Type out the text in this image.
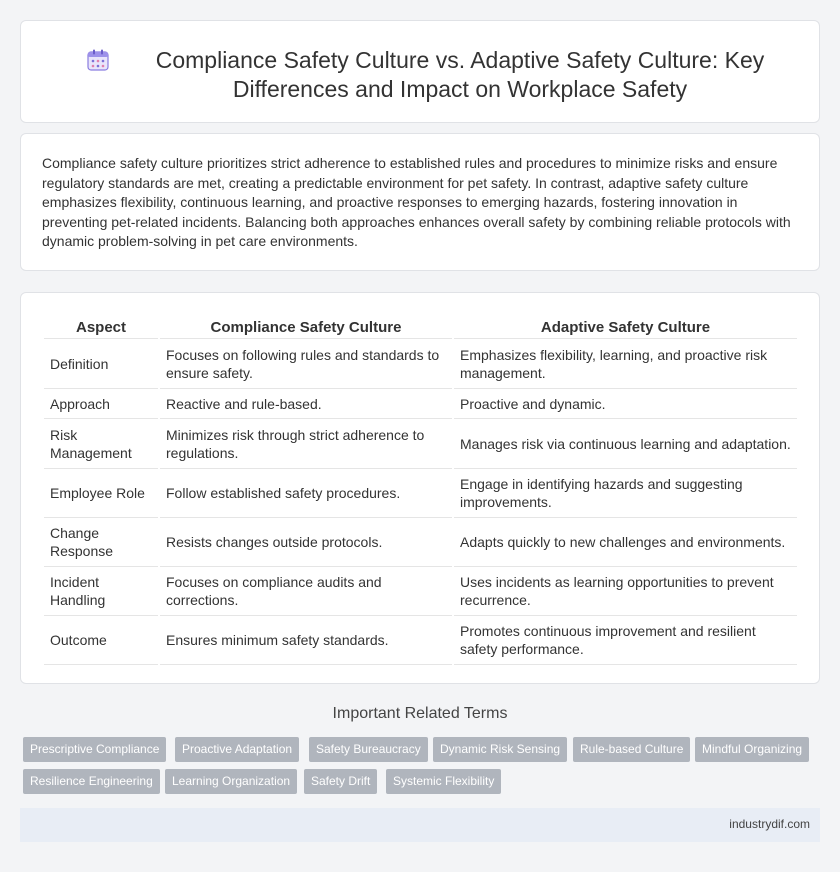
Compliance Safety Culture vs. Adaptive Safety Culture: Key Differences and Impact on Workplace Safety

Compliance safety culture prioritizes strict adherence to established rules and procedures to minimize risks and ensure regulatory standards are met, creating a predictable environment for pet safety. In contrast, adaptive safety culture emphasizes flexibility, continuous learning, and proactive responses to emerging hazards, fostering innovation in preventing pet-related incidents. Balancing both approaches enhances overall safety by combining reliable protocols with dynamic problem-solving in pet care environments.

Aspect	Compliance Safety Culture	Adaptive Safety Culture
Definition	Focuses on following rules and standards to ensure safety.	Emphasizes flexibility, learning, and proactive risk management.
Approach	Reactive and rule-based.	Proactive and dynamic.
Risk Management	Minimizes risk through strict adherence to regulations.	Manages risk via continuous learning and adaptation.
Employee Role	Follow established safety procedures.	Engage in identifying hazards and suggesting improvements.
Change Response	Resists changes outside protocols.	Adapts quickly to new challenges and environments.
Incident Handling	Focuses on compliance audits and corrections.	Uses incidents as learning opportunities to prevent recurrence.
Outcome	Ensures minimum safety standards.	Promotes continuous improvement and resilient safety performance.
Important Related Terms
Prescriptive Compliance	Proactive Adaptation	Safety Bureaucracy	Dynamic Risk Sensing	Rule-based Culture	Mindful Organizing
Resilience Engineering	Learning Organization	Safety Drift	Systemic Flexibility
industrydif.com
